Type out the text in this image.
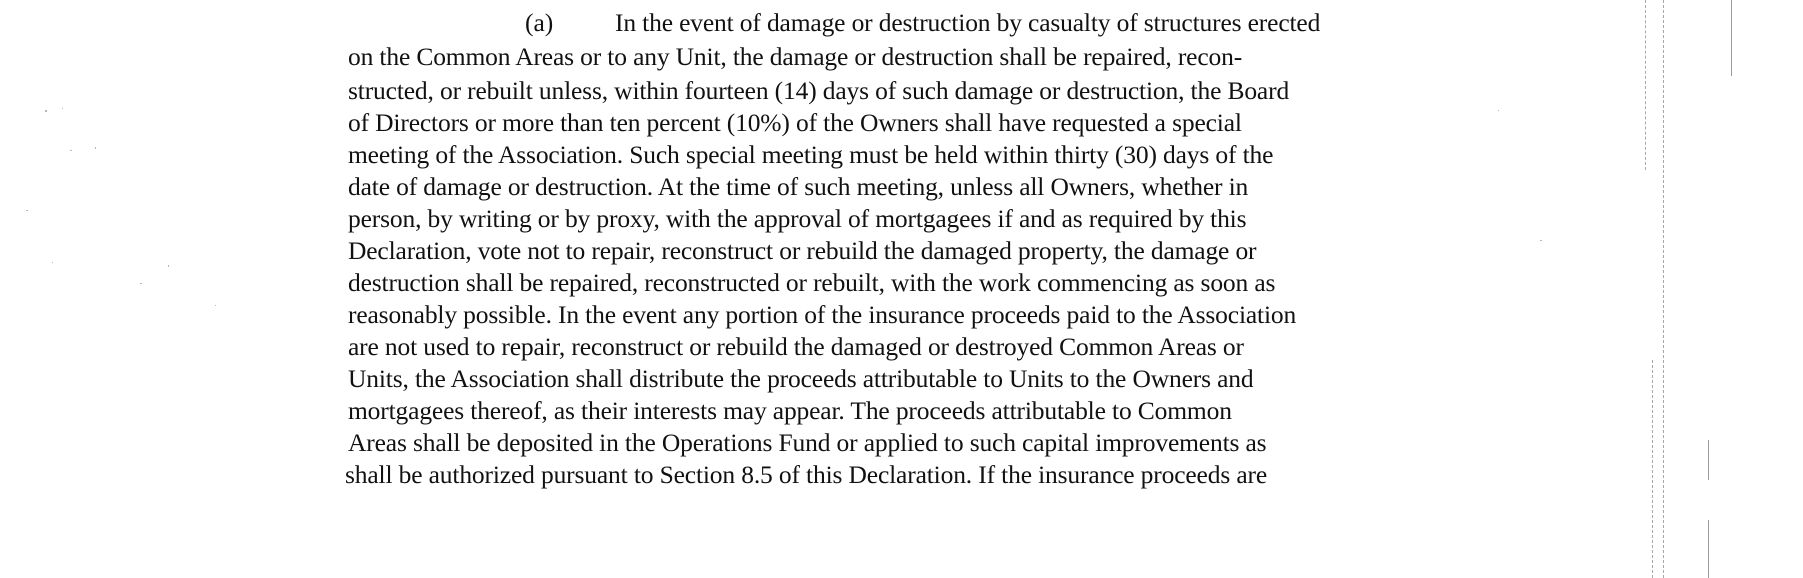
(a) In the event of damage or destruction by casualty of structures erected

on the Common Areas or to any Unit, the damage or destruction shall be repaired, recon-

structed, or rebuilt unless, within fourteen (14) days of such damage or destruction, the Board

of Directors or more than ten percent (10%) of the Owners shall have requested a special

meeting of the Association. Such special meeting must be held within thirty (30) days of the

date of damage or destruction. At the time of such meeting, unless all Owners, whether in

person, by writing or by proxy, with the approval of mortgagees if and as required by this

Declaration, vote not to repair, reconstruct or rebuild the damaged property, the damage or

destruction shall be repaired, reconstructed or rebuilt, with the work commencing as soon as

reasonably possible. In the event any portion of the insurance proceeds paid to the Association

are not used to repair, reconstruct or rebuild the damaged or destroyed Common Areas or

Units, the Association shall distribute the proceeds attributable to Units to the Owners and

mortgagees thereof, as their interests may appear. The proceeds attributable to Common

Areas shall be deposited in the Operations Fund or applied to such capital improvements as

shall be authorized pursuant to Section 8.5 of this Declaration. If the insurance proceeds are
